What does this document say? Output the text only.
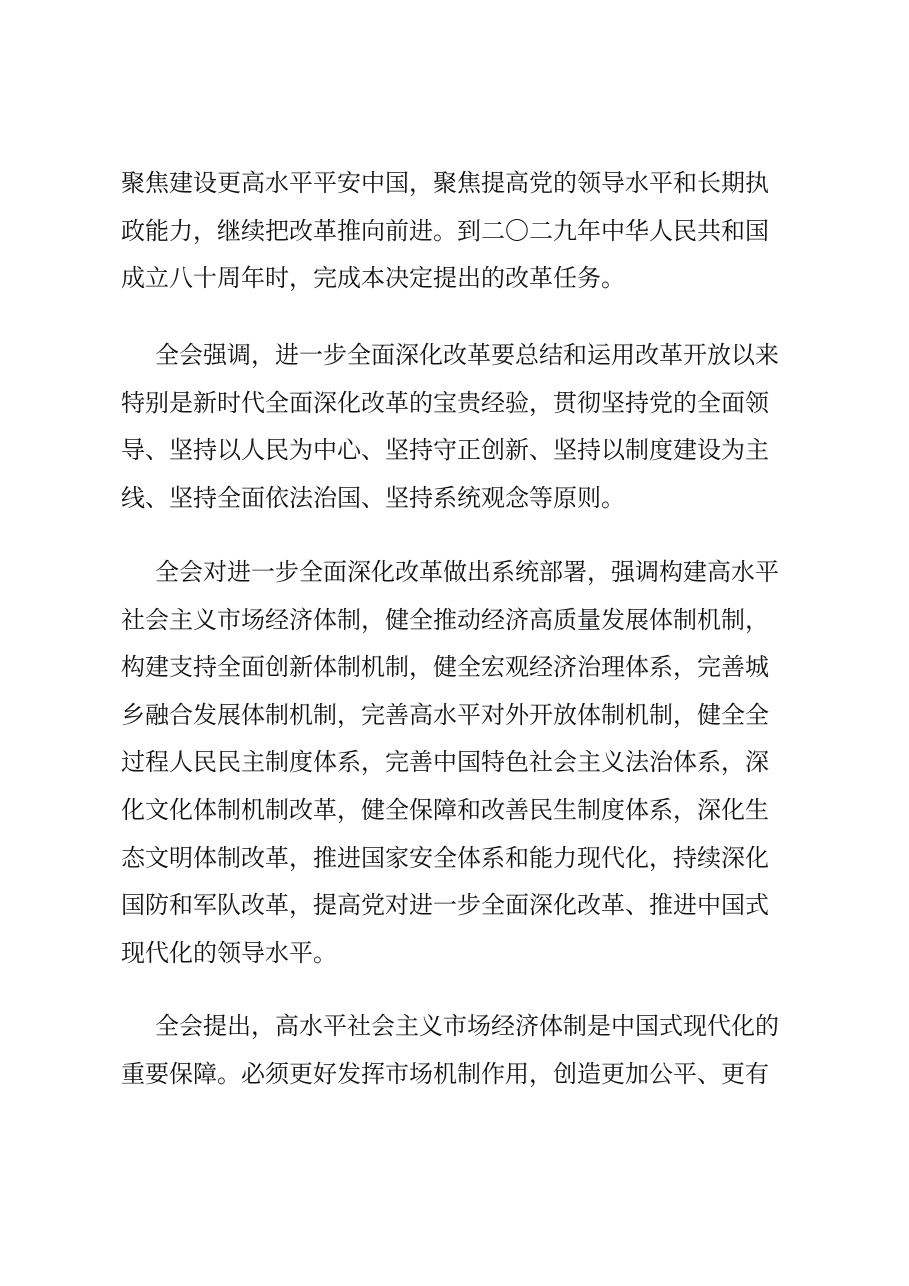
聚焦建设更高水平平安中国，聚焦提高党的领导水平和长期执
政能力，继续把改革推向前进。到二〇二九年中华人民共和国
成立八十周年时，完成本决定提出的改革任务。
全会强调，进一步全面深化改革要总结和运用改革开放以来
特别是新时代全面深化改革的宝贵经验，贯彻坚持党的全面领
导、坚持以人民为中心、坚持守正创新、坚持以制度建设为主
线、坚持全面依法治国、坚持系统观念等原则。
全会对进一步全面深化改革做出系统部署，强调构建高水平
社会主义市场经济体制，健全推动经济高质量发展体制机制，
构建支持全面创新体制机制，健全宏观经济治理体系，完善城
乡融合发展体制机制，完善高水平对外开放体制机制，健全全
过程人民民主制度体系，完善中国特色社会主义法治体系，深
化文化体制机制改革，健全保障和改善民生制度体系，深化生
态文明体制改革，推进国家安全体系和能力现代化，持续深化
国防和军队改革，提高党对进一步全面深化改革、推进中国式
现代化的领导水平。
全会提出，高水平社会主义市场经济体制是中国式现代化的
重要保障。必须更好发挥市场机制作用，创造更加公平、更有
